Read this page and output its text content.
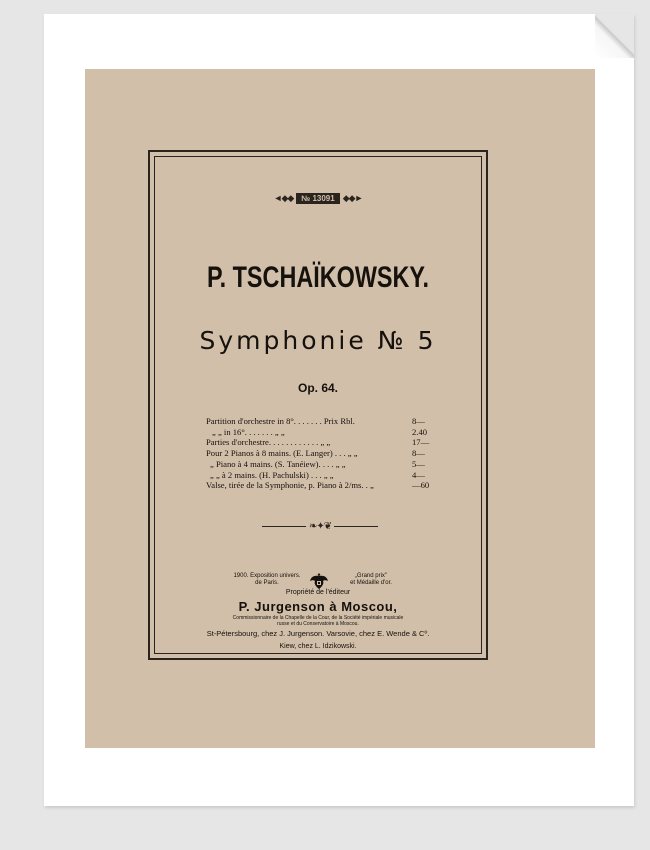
◄◆◆	№ 13091 ◆◆►
P. TSCHAÏKOWSKY.
Symphonie № 5
Op. 64.
Partition d'orchestre in 8°. . . . . . . Prix Rbl.	8—
„ „ in 16°. . . . . . . „ „	2.40
Parties d'orchestre. . . . . . . . . . . . „ „	17—
Pour 2 Pianos à 8 mains. (E. Langer) . . . „ „	8—
„ Piano à 4 mains. (S. Tanéiew). . . . „ „	5—
„ „ à 2 mains. (H. Pachulski) . . . „ „	4—
Valse, tirée de la Symphonie, p. Piano à 2/ms. . „	—60
❧✦❦
1900. Exposition univers.
de Paris.
„Grand prix"
et Médaille d'or.
Propriété de l'éditeur
P. Jurgenson à Moscou,
Commissionnaire de la Chapelle de la Cour, de la Société impériale musicale
russe et du Conservatoire à Moscou.
St-Pétersbourg, chez J. Jurgenson. Varsovie, chez E. Wende & Cº.
Kiew, chez L. Idzikowski.
